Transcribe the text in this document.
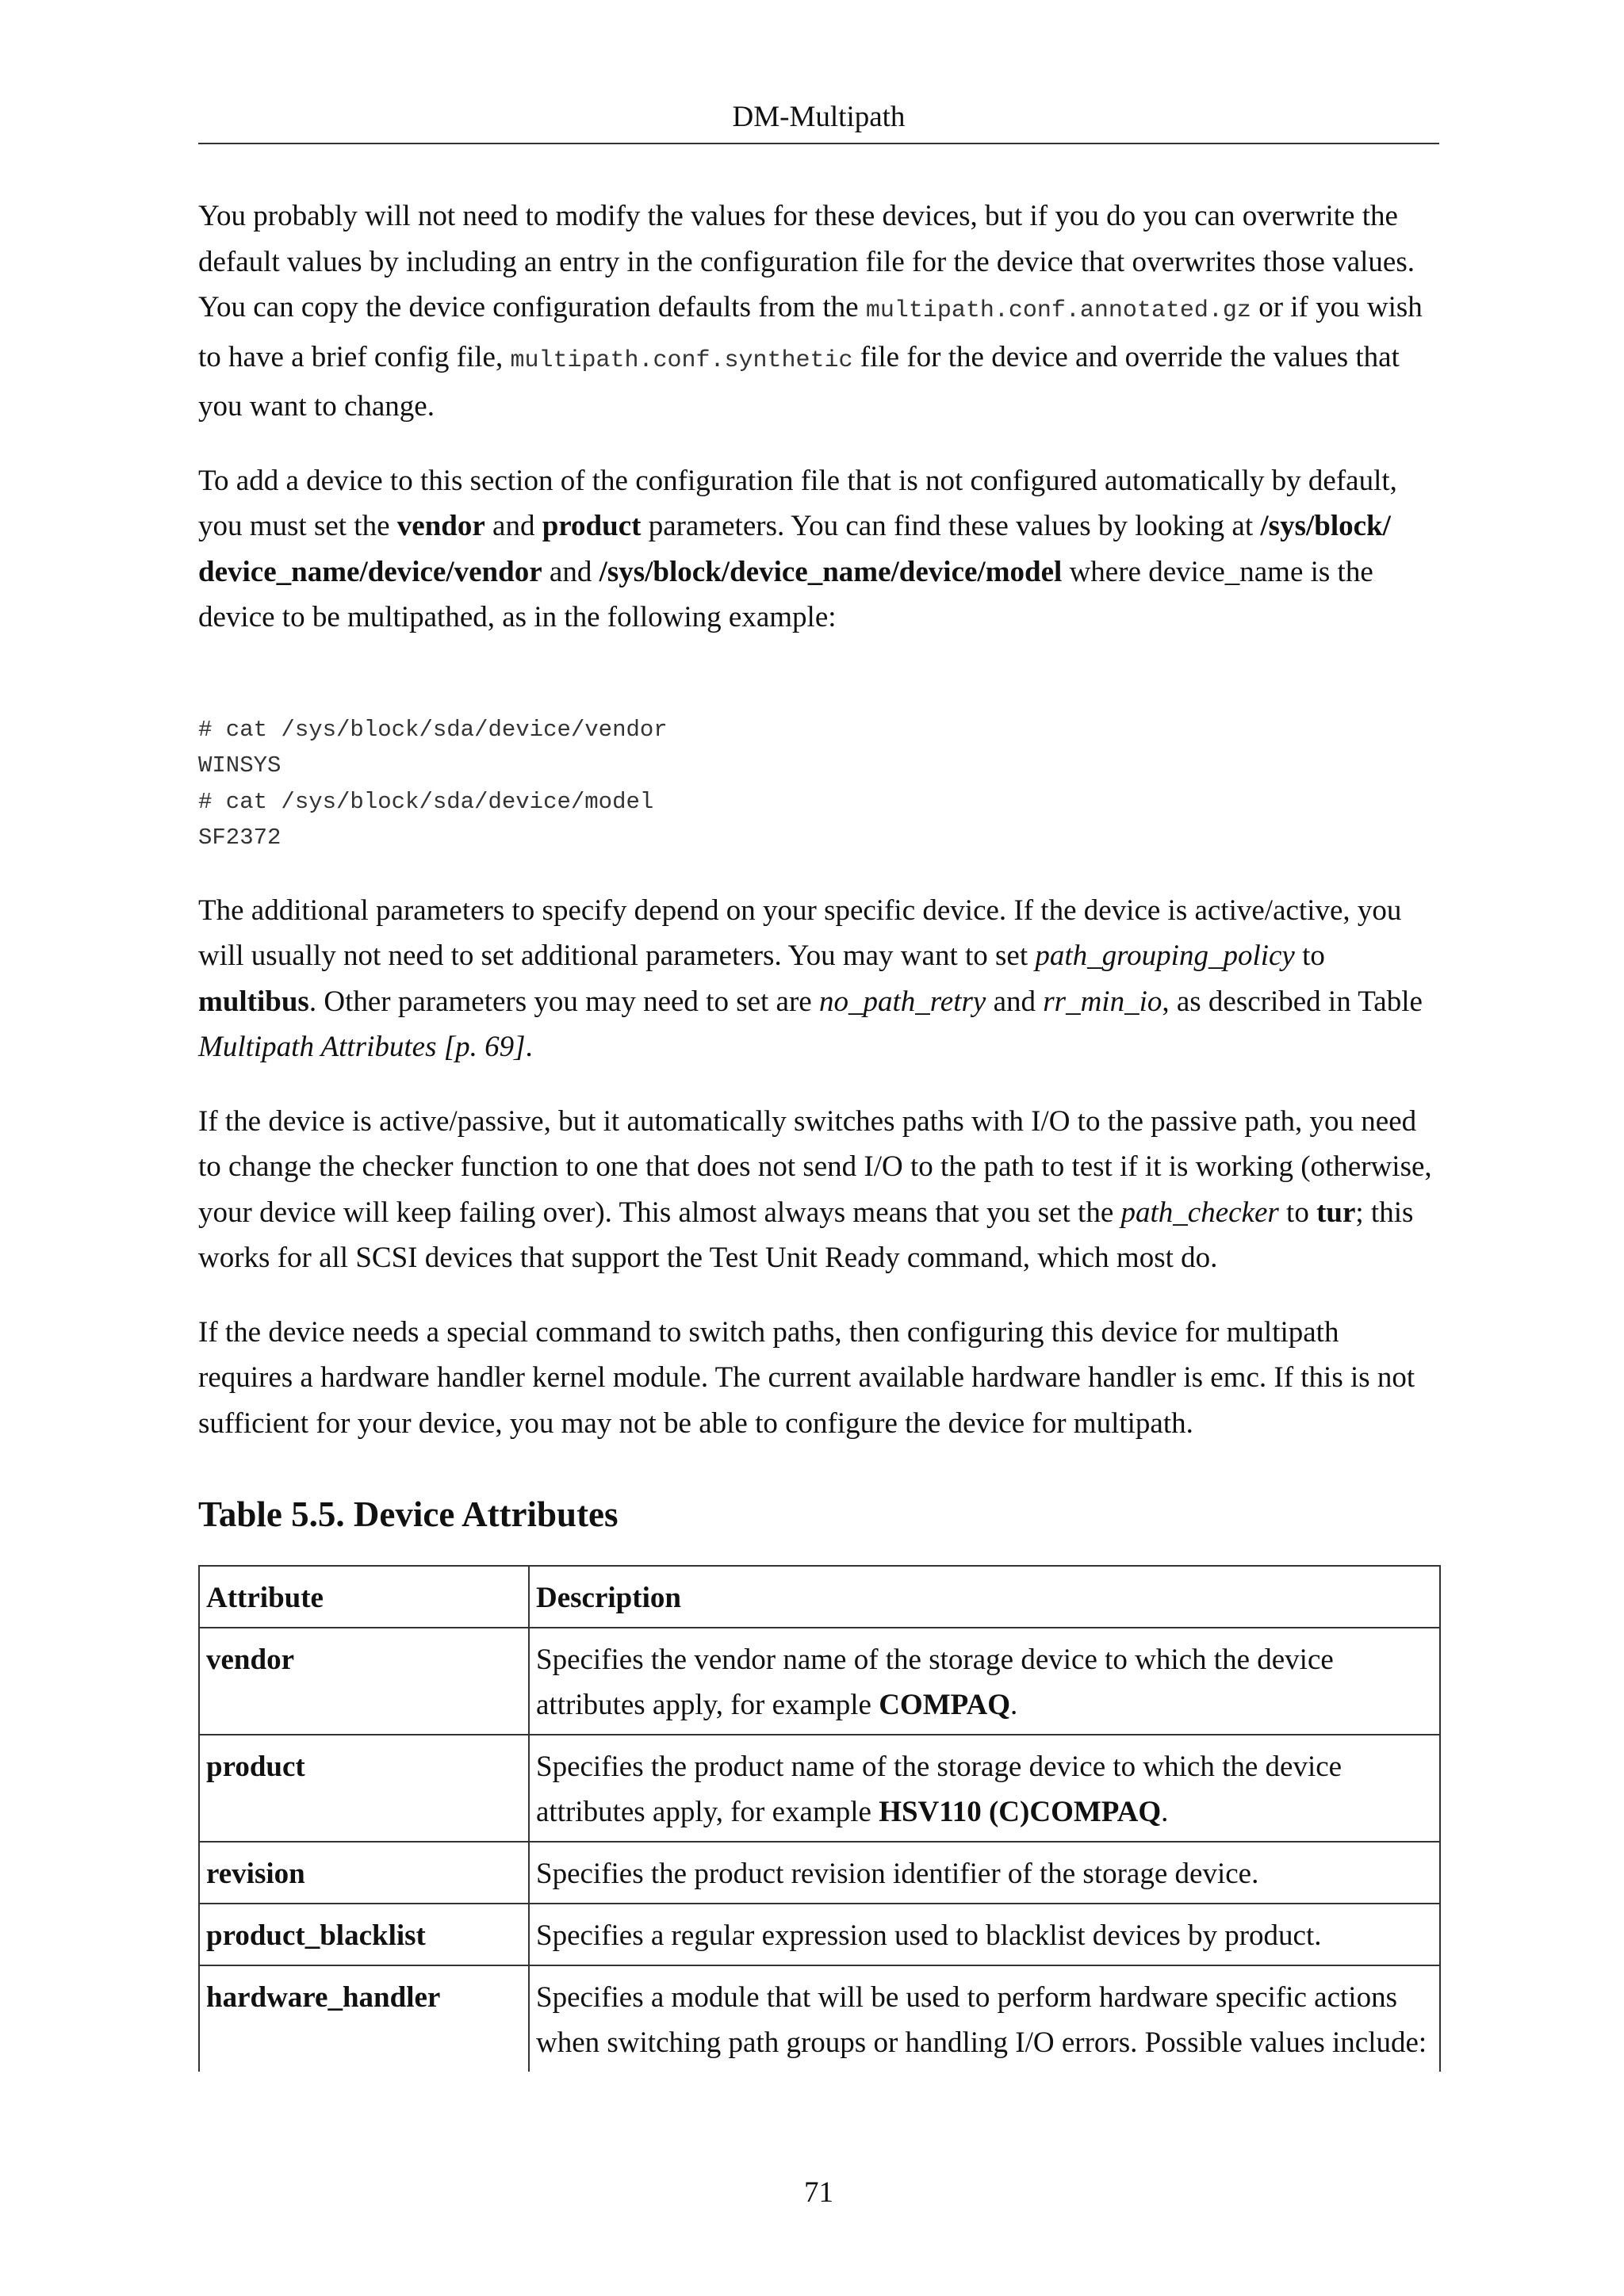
DM-Multipath

You probably will not need to modify the values for these devices, but if you do you can overwrite the default values by including an entry in the configuration file for the device that overwrites those values. You can copy the device configuration defaults from the multipath.conf.annotated.gz or if you wish to have a brief config file, multipath.conf.synthetic file for the device and override the values that you want to change.

To add a device to this section of the configuration file that is not configured automatically by default, you must set the vendor and product parameters. You can find these values by looking at /sys/block/ device_name/device/vendor and /sys/block/device_name/device/model where device_name is the device to be multipathed, as in the following example:

# cat /sys/block/sda/device/vendor
WINSYS
# cat /sys/block/sda/device/model
SF2372

The additional parameters to specify depend on your specific device. If the device is active/active, you will usually not need to set additional parameters. You may want to set path_grouping_policy to multibus. Other parameters you may need to set are no_path_retry and rr_min_io, as described in Table Multipath Attributes [p. 69].

If the device is active/passive, but it automatically switches paths with I/O to the passive path, you need to change the checker function to one that does not send I/O to the path to test if it is working (otherwise, your device will keep failing over). This almost always means that you set the path_checker to tur; this works for all SCSI devices that support the Test Unit Ready command, which most do.

If the device needs a special command to switch paths, then configuring this device for multipath requires a hardware handler kernel module. The current available hardware handler is emc. If this is not sufficient for your device, you may not be able to configure the device for multipath.

Table 5.5. Device Attributes
Attribute	Description
vendor	Specifies the vendor name of the storage device to which the device attributes apply, for example COMPAQ.
product	Specifies the product name of the storage device to which the device attributes apply, for example HSV110 (C)COMPAQ.
revision	Specifies the product revision identifier of the storage device.
product_blacklist	Specifies a regular expression used to blacklist devices by product.
hardware_handler	Specifies a module that will be used to perform hardware specific actions when switching path groups or handling I/O errors. Possible values include:
71
